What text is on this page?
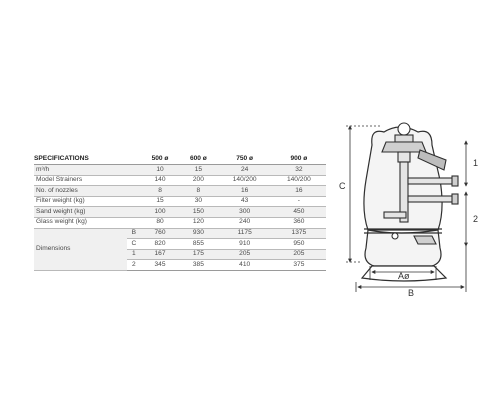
SPECIFICATIONS		500 ø	600 ø	750 ø	900 ø
m³/h		10	15	24	32
Model Strainers		140	200	140/200	140/200
No. of nozzles		8	8	16	16
Filter weight (kg)		15	30	43	-
Sand weight (kg)		100	150	300	450
Glass weight (kg)		80	120	240	360
Dimensions	B	760	930	1175	1375
	C	820	855	910	950
	1	167	175	205	205
	2	345	385	410	375
C
1
2
Aø
B
